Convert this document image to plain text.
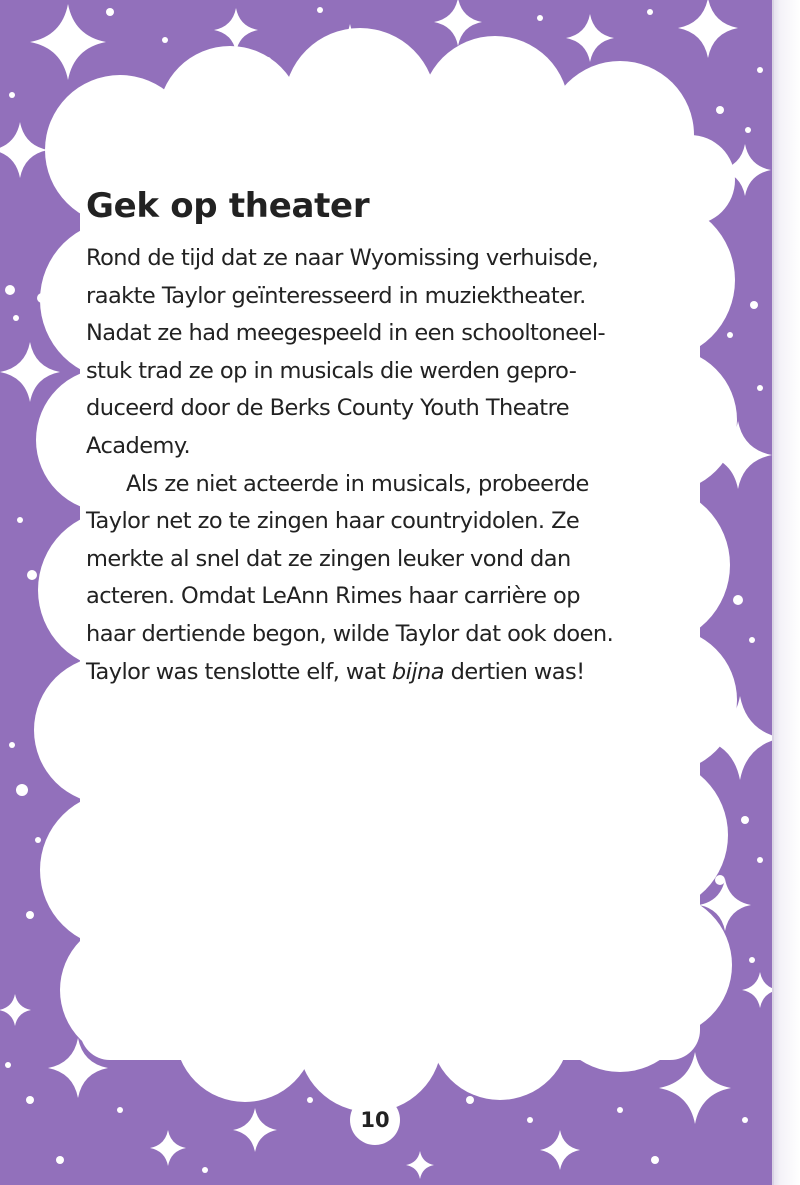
Gek op theater

Rond de tijd dat ze naar Wyomissing verhuisde,
raakte Taylor geïnteresseerd in muziektheater.
Nadat ze had meegespeeld in een schooltoneel-
stuk trad ze op in musicals die werden gepro-
duceerd door de Berks County Youth Theatre
Academy.

Als ze niet acteerde in musicals, probeerde
Taylor net zo te zingen haar countryidolen. Ze
merkte al snel dat ze zingen leuker vond dan
acteren. Omdat LeAnn Rimes haar carrière op
haar dertiende begon, wilde Taylor dat ook doen.
Taylor was tenslotte elf, wat bijna dertien was!

10
